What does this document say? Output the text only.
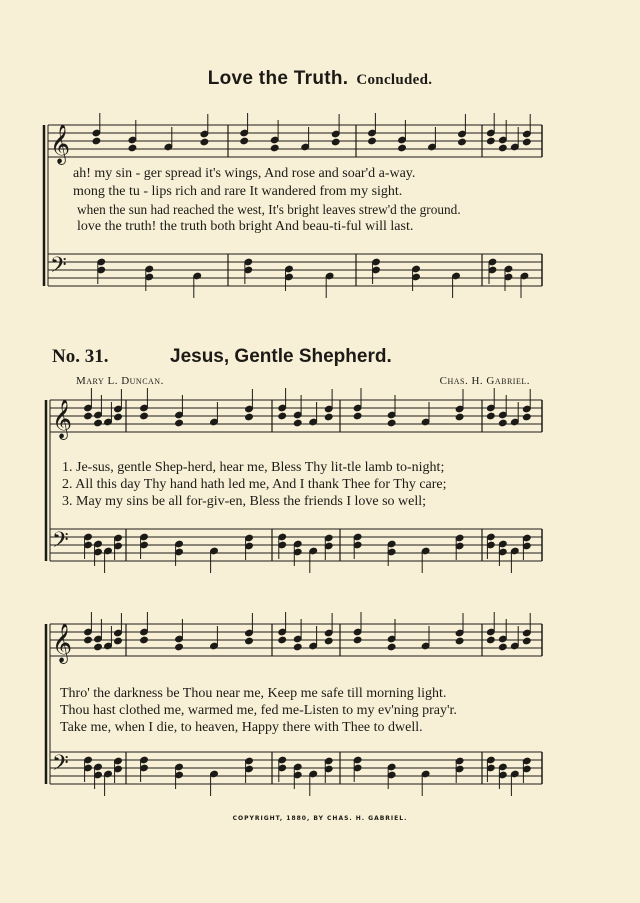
Love the Truth. Concluded.
𝄞
𝄢
𝄞
𝄢
𝄞
𝄢
ah! my sin - ger spread it's wings, And rose and soar'd a-way.
mong the tu - lips rich and rare It wandered from my sight.
when the sun had reached the west, It's bright leaves strew'd the ground.
love the truth! the truth both bright And beau-ti-ful will last.
No. 31.	Jesus, Gentle Shepherd.
Mary L. Duncan.	Chas. H. Gabriel.
1. Je-sus, gentle Shep-herd, hear me, Bless Thy lit-tle lamb to-night;
2. All this day Thy hand hath led me, And I thank Thee for Thy care;
3. May my sins be all for-giv-en, Bless the friends I love so well;
Thro' the darkness be Thou near me, Keep me safe till morning light.
Thou hast clothed me, warmed me, fed me-Listen to my ev'ning pray'r.
Take me, when I die, to heaven, Happy there with Thee to dwell.
COPYRIGHT, 1880, BY CHAS. H. GABRIEL.
